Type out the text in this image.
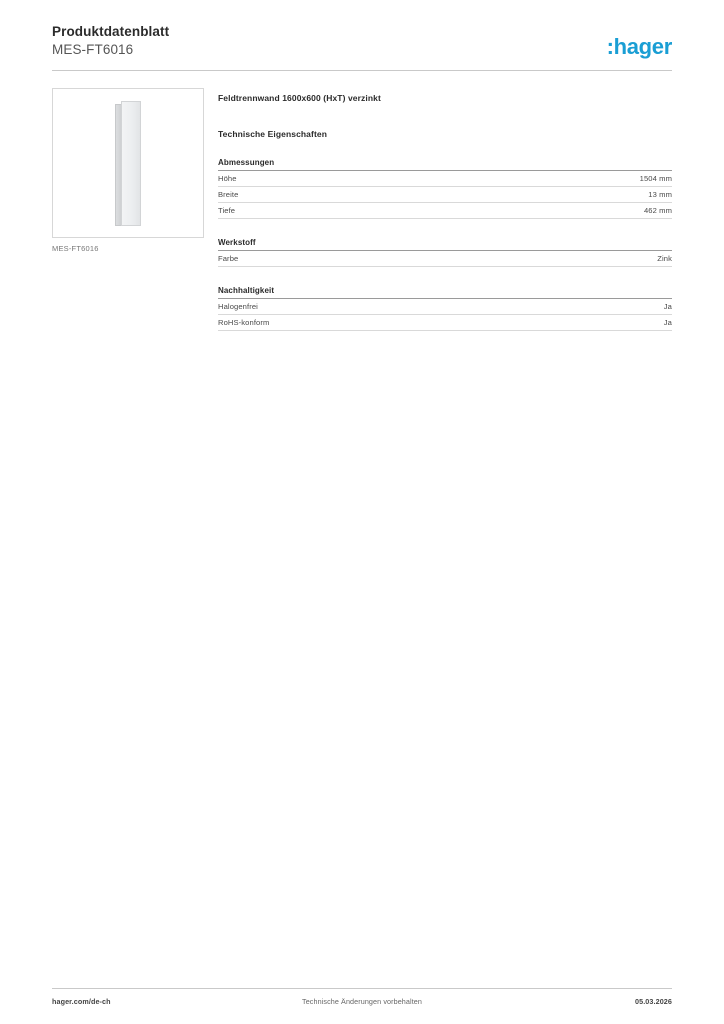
Produktdatenblatt
MES-FT6016	:hager
MES-FT6016
Feldtrennwand 1600x600 (HxT) verzinkt
Technische Eigenschaften
Abmessungen
Höhe	1504 mm
Breite	13 mm
Tiefe	462 mm
Werkstoff
Farbe	Zink
Nachhaltigkeit
Halogenfrei	Ja
RoHS-konform	Ja
hager.com/de-ch	Technische Änderungen vorbehalten	05.03.2026
